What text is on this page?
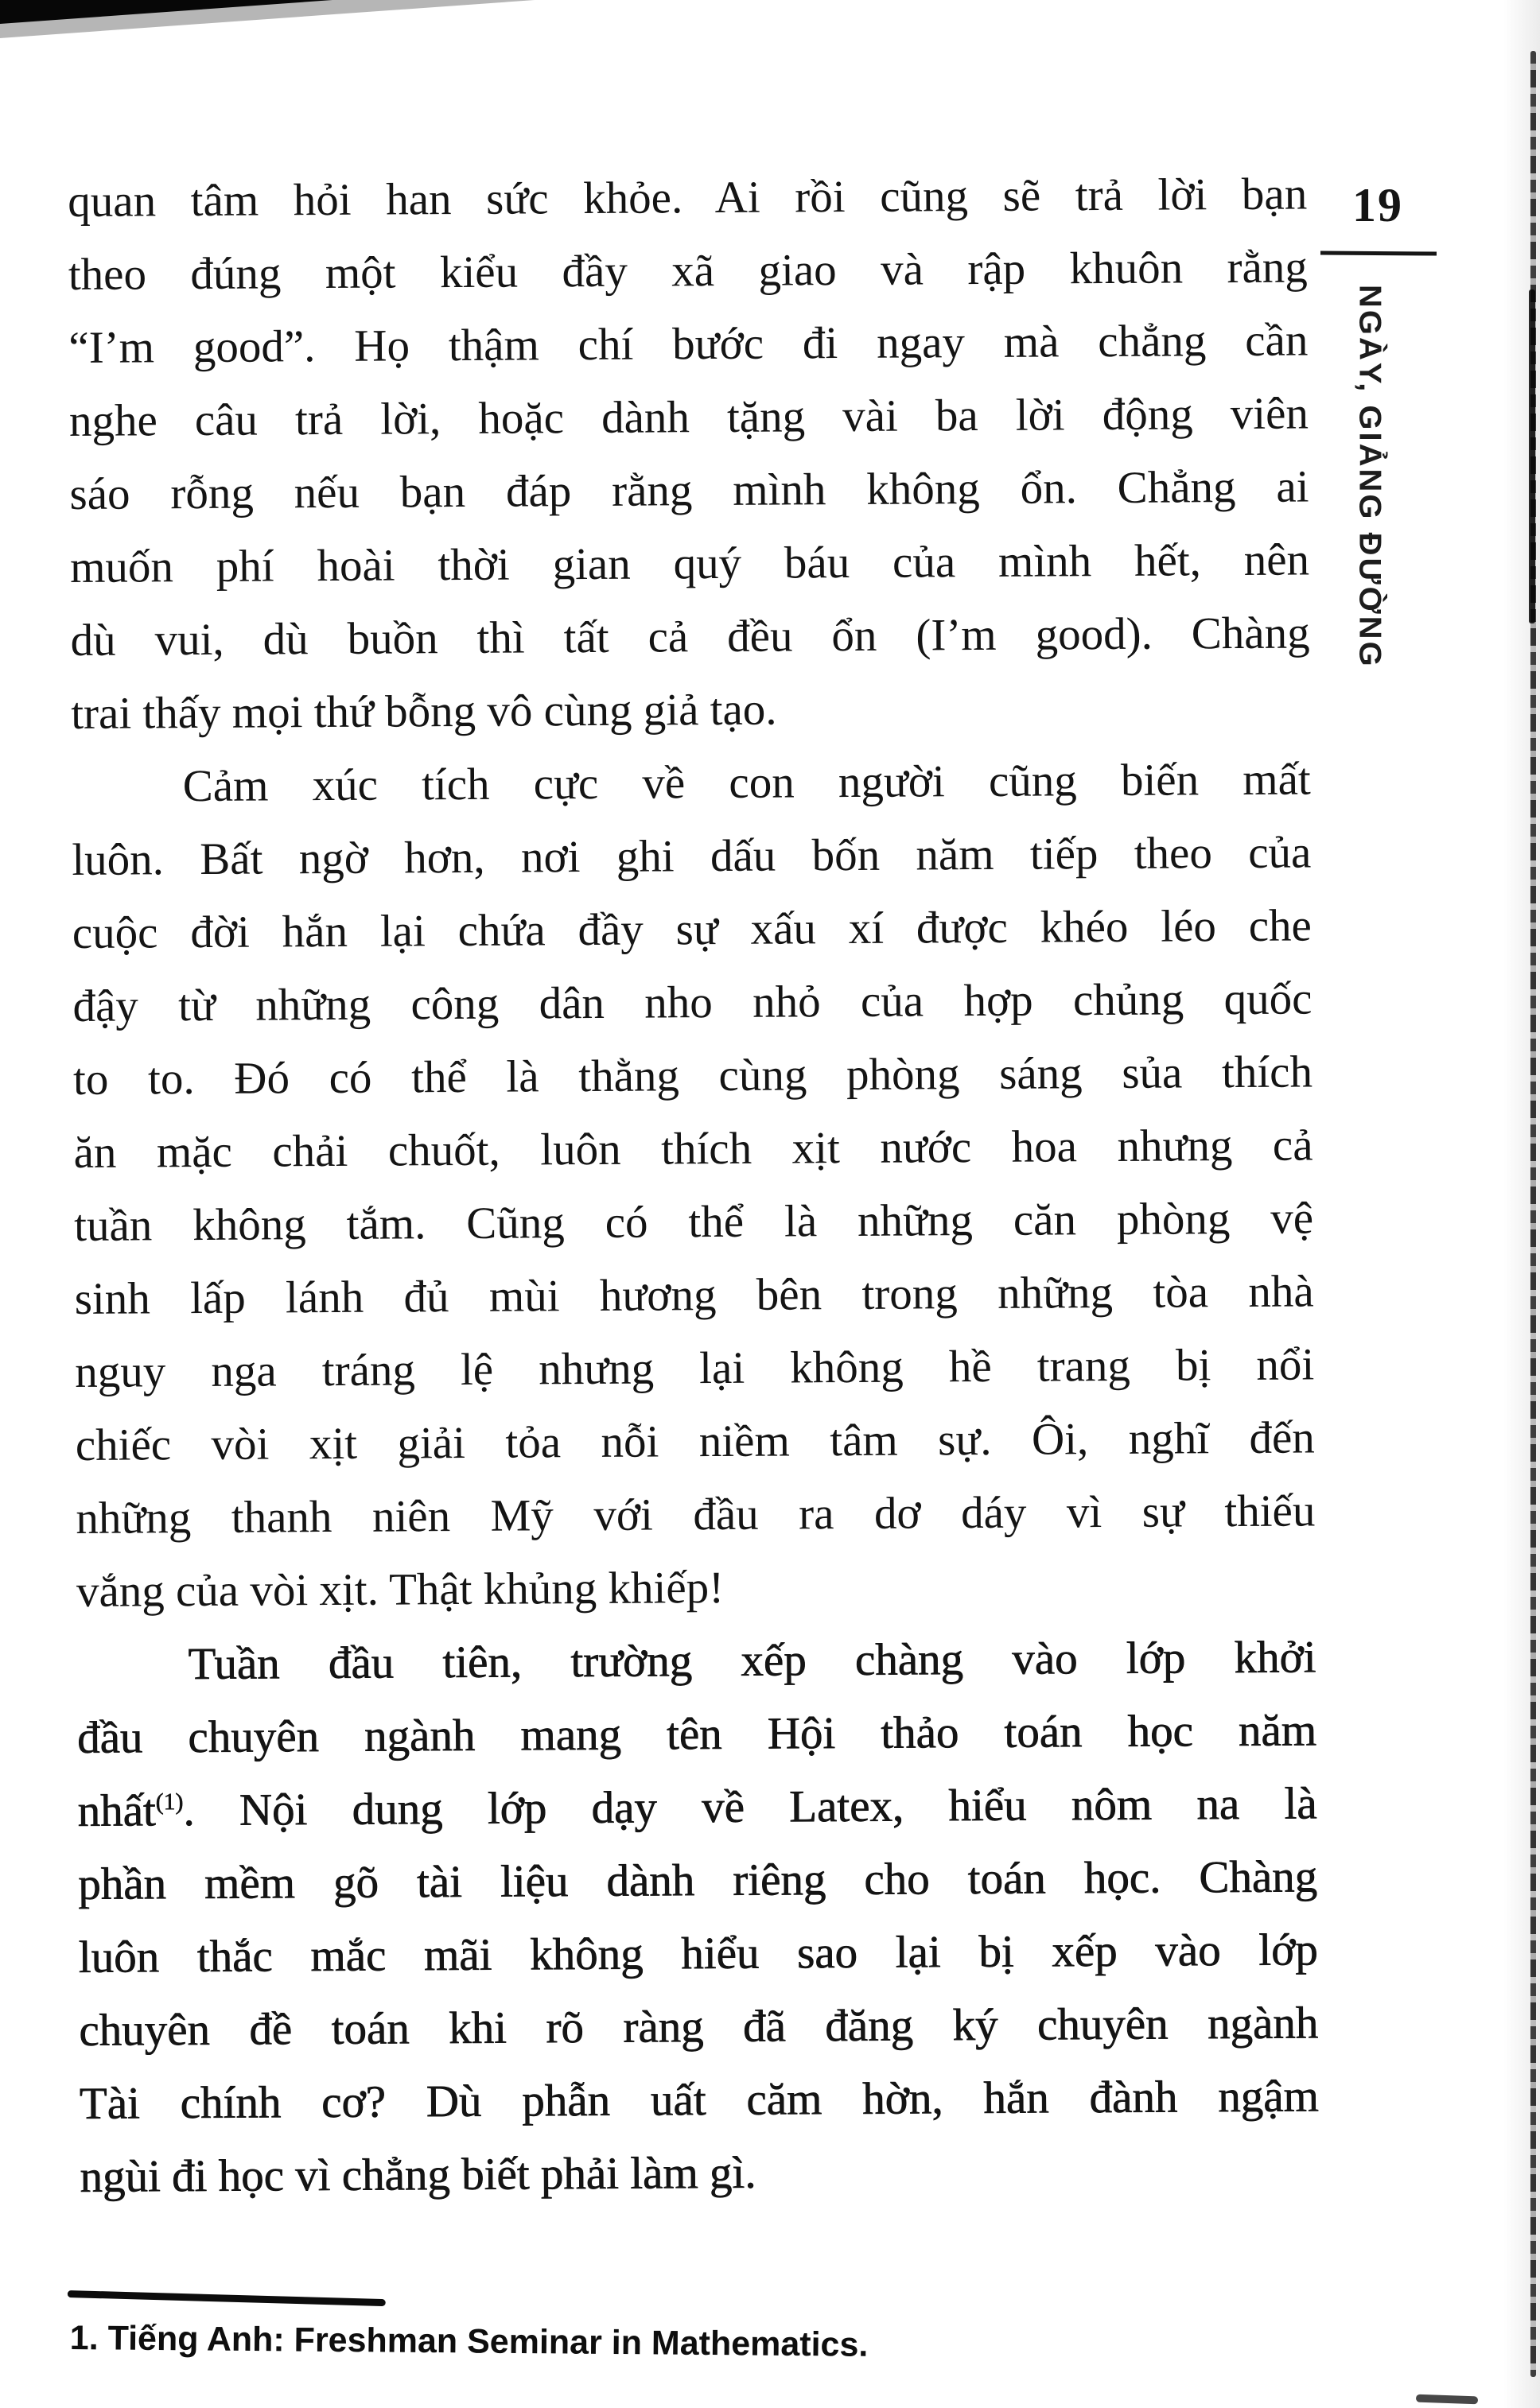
19
NGÀY, GIẢNG ĐƯỜNG
quan tâm hỏi han sức khỏe. Ai rồi cũng sẽ trả lời bạn
theo đúng một kiểu đầy xã giao và rập khuôn rằng
“I’m good”. Họ thậm chí bước đi ngay mà chẳng cần
nghe câu trả lời, hoặc dành tặng vài ba lời động viên
sáo rỗng nếu bạn đáp rằng mình không ổn. Chẳng ai
muốn phí hoài thời gian quý báu của mình hết, nên
dù vui, dù buồn thì tất cả đều ổn (I’m good). Chàng
trai thấy mọi thứ bỗng vô cùng giả tạo.
Cảm xúc tích cực về con người cũng biến mất
luôn. Bất ngờ hơn, nơi ghi dấu bốn năm tiếp theo của
cuộc đời hắn lại chứa đầy sự xấu xí được khéo léo che
đậy từ những công dân nho nhỏ của hợp chủng quốc
to to. Đó có thể là thằng cùng phòng sáng sủa thích
ăn mặc chải chuốt, luôn thích xịt nước hoa nhưng cả
tuần không tắm. Cũng có thể là những căn phòng vệ
sinh lấp lánh đủ mùi hương bên trong những tòa nhà
nguy nga tráng lệ nhưng lại không hề trang bị nổi
chiếc vòi xịt giải tỏa nỗi niềm tâm sự. Ôi, nghĩ đến
những thanh niên Mỹ với đầu ra dơ dáy vì sự thiếu
vắng của vòi xịt. Thật khủng khiếp!
Tuần đầu tiên, trường xếp chàng vào lớp khởi
đầu chuyên ngành mang tên Hội thảo toán học năm
nhất$^{(1)}$. Nội dung lớp dạy về Latex, hiểu nôm na là
phần mềm gõ tài liệu dành riêng cho toán học. Chàng
luôn thắc mắc mãi không hiểu sao lại bị xếp vào lớp
chuyên đề toán khi rõ ràng đã đăng ký chuyên ngành
Tài chính cơ? Dù phẫn uất căm hờn, hắn đành ngậm
ngùi đi học vì chẳng biết phải làm gì.
1. Tiếng Anh: Freshman Seminar in Mathematics.
